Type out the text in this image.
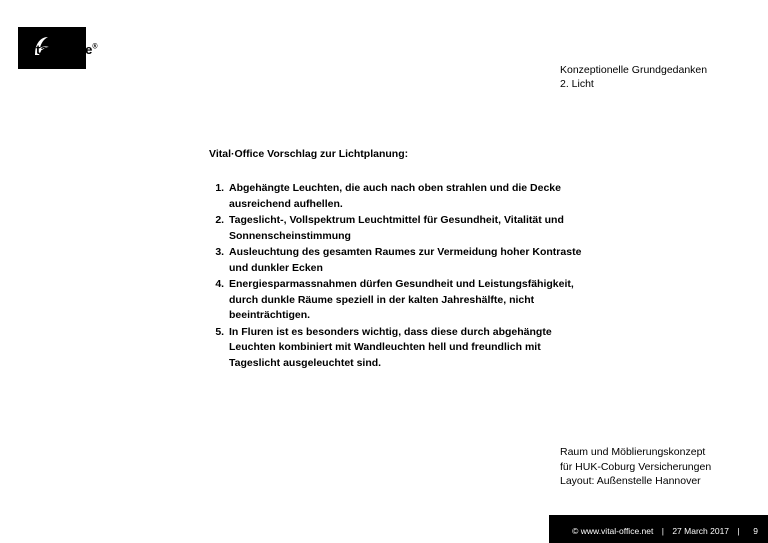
Vital·Office®
Konzeptionelle Grundgedanken
2. Licht

Vital·Office Vorschlag zur Lichtplanung:

1. Abgehängte Leuchten, die auch nach oben strahlen und die Decke ausreichend aufhellen.
2. Tageslicht-, Vollspektrum Leuchtmittel für Gesundheit, Vitalität und Sonnenscheinstimmung
3. Ausleuchtung des gesamten Raumes zur Vermeidung hoher Kontraste und dunkler Ecken
4. Energiesparmassnahmen dürfen Gesundheit und Leistungsfähigkeit, durch dunkle Räume speziell in der kalten Jahreshälfte, nicht beeinträchtigen.
5. In Fluren ist es besonders wichtig, dass diese durch abgehängte Leuchten kombiniert mit Wandleuchten hell und freundlich mit Tageslicht ausgeleuchtet sind.
Raum und Möblierungskonzept
für HUK-Coburg Versicherungen
Layout: Außenstelle Hannover
© www.vital-office.net | 27 March 2017 | 9
